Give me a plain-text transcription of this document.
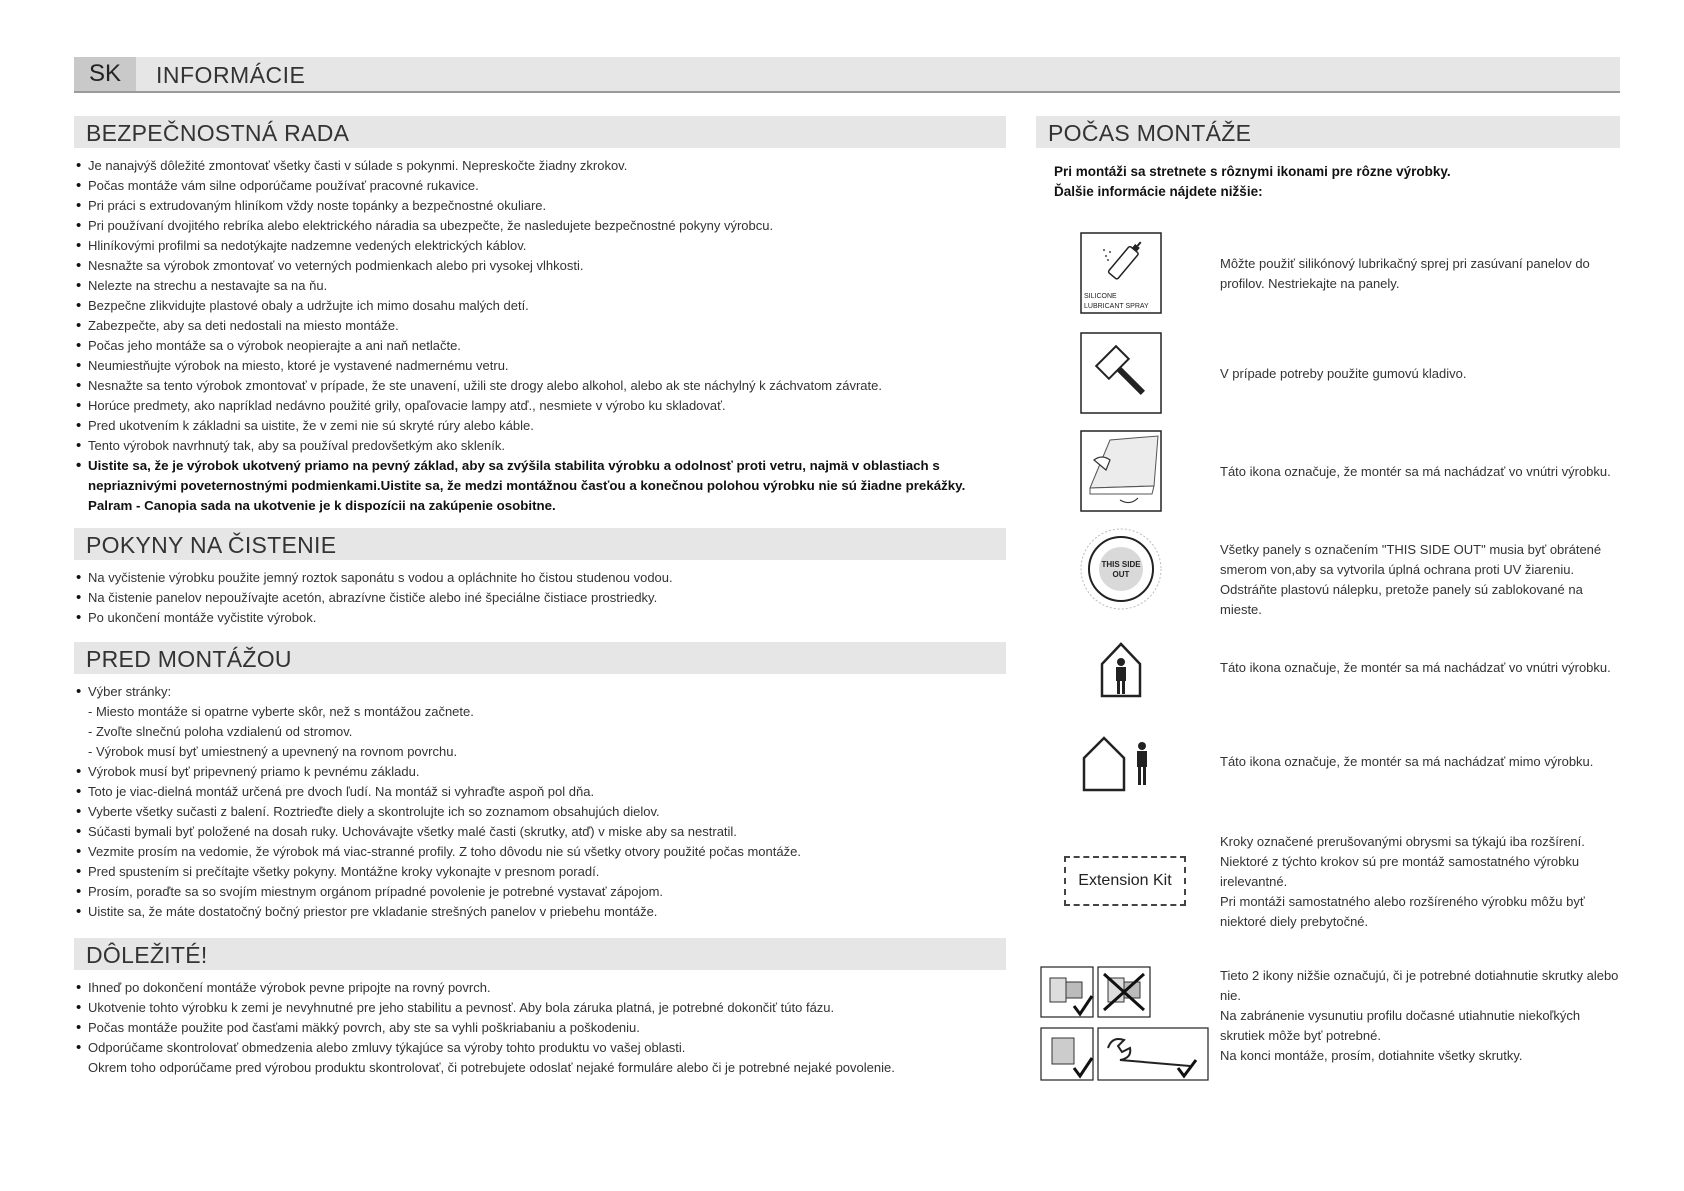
SK	INFORMÁCIE
BEZPEČNOSTNÁ RADA
• Je nanajvýš dôležité zmontovať všetky časti v súlade s pokynmi. Nepreskočte žiadny zkrokov.
• Počas montáže vám silne odporúčame používať pracovné rukavice.
• Pri práci s extrudovaným hliníkom vždy noste topánky a bezpečnostné okuliare.
• Pri používaní dvojitého rebríka alebo elektrického náradia sa ubezpečte, že nasledujete bezpečnostné pokyny výrobcu.
• Hliníkovými profilmi sa nedotýkajte nadzemne vedených elektrických káblov.
• Nesnažte sa výrobok zmontovať vo veterných podmienkach alebo pri vysokej vlhkosti.
• Nelezte na strechu a nestavajte sa na ňu.
• Bezpečne zlikvidujte plastové obaly a udržujte ich mimo dosahu malých detí.
• Zabezpečte, aby sa deti nedostali na miesto montáže.
• Počas jeho montáže sa o výrobok neopierajte a ani naň netlačte.
• Neumiestňujte výrobok na miesto, ktoré je vystavené nadmernému vetru.
• Nesnažte sa tento výrobok zmontovať v prípade, že ste unavení, užili ste drogy alebo alkohol, alebo ak ste náchylný k záchvatom závrate.
• Horúce predmety, ako napríklad nedávno použité grily, opaľovacie lampy atď., nesmiete v výrobo ku skladovať.
• Pred ukotvením k základni sa uistite, že v zemi nie sú skryté rúry alebo káble.
• Tento výrobok navrhnutý tak, aby sa používal predovšetkým ako skleník.
• Uistite sa, že je výrobok ukotvený priamo na pevný základ, aby sa zvýšila stabilita výrobku a odolnosť proti vetru, najmä v oblastiach s nepriaznivými poveternostnými podmienkami.Uistite sa, že medzi montážnou časťou a konečnou polohou výrobku nie sú žiadne prekážky. Palram - Canopia sada na ukotvenie je k dispozícii na zakúpenie osobitne.
POKYNY NA ČISTENIE
• Na vyčistenie výrobku použite jemný roztok saponátu s vodou a opláchnite ho čistou studenou vodou.
• Na čistenie panelov nepoužívajte acetón, abrazívne čističe alebo iné špeciálne čistiace prostriedky.
• Po ukončení montáže vyčistite výrobok.
PRED MONTÁŽOU
• Výber stránky:
- Miesto montáže si opatrne vyberte skôr, než s montážou začnete.
- Zvoľte slnečnú poloha vzdialenú od stromov.
- Výrobok musí byť umiestnený a upevnený na rovnom povrchu.
• Výrobok musí byť pripevnený priamo k pevnému základu.
• Toto je viac-dielná montáž určená pre dvoch ľudí. Na montáž si vyhraďte aspoň pol dňa.
• Vyberte všetky sučasti z balení. Roztrieďte diely a skontrolujte ich so zoznamom obsahujúch dielov.
• Súčasti bymali byť položené na dosah ruky. Uchovávajte všetky malé časti (skrutky, atď) v miske aby sa nestratil.
• Vezmite prosím na vedomie, že výrobok má viac-stranné profily. Z toho dôvodu nie sú všetky otvory použité počas montáže.
• Pred spustením si prečítajte všetky pokyny. Montážne kroky vykonajte v presnom poradí.
• Prosím, poraďte sa so svojím miestnym orgánom prípadné povolenie je potrebné vystavať zápojom.
• Uistite sa, že máte dostatočný bočný priestor pre vkladanie strešných panelov v priebehu montáže.
DÔLEŽITÉ!
• Ihneď po dokončení montáže výrobok pevne pripojte na rovný povrch.
• Ukotvenie tohto výrobku k zemi je nevyhnutné pre jeho stabilitu a pevnosť. Aby bola záruka platná, je potrebné dokončiť túto fázu.
• Počas montáže použite pod časťami mäkký povrch, aby ste sa vyhli poškriabaniu a poškodeniu.
• Odporúčame skontrolovať obmedzenia alebo zmluvy týkajúce sa výroby tohto produktu vo vašej oblasti.
Okrem toho odporúčame pred výrobou produktu skontrolovať, či potrebujete odoslať nejaké formuláre alebo či je potrebné nejaké povolenie.
POČAS MONTÁŽE
Pri montáži sa stretnete s rôznymi ikonami pre rôzne výrobky.
Ďalšie informácie nájdete nižšie:
SILICONE
LUBRICANT SPRAY
Môžte použiť silikónový lubrikačný sprej pri zasúvaní panelov do profilov. Nestriekajte na panely.
V prípade potreby použite gumovú kladivo.
Táto ikona označuje, že montér sa má nachádzať vo vnútri výrobku.
THIS SIDE
OUT

Všetky panely s označením "THIS SIDE OUT" musia byť obrátené smerom von,aby sa vytvorila úplná ochrana proti UV žiareniu.

Odstráňte plastovú nálepku, pretože panely sú zablokované na mieste.

Táto ikona označuje, že montér sa má nachádzať vo vnútri výrobku.
Táto ikona označuje, že montér sa má nachádzať mimo výrobku.
Extension Kit

Kroky označené prerušovanými obrysmi sa týkajú iba rozšírení.

Niektoré z týchto krokov sú pre montáž samostatného výrobku irelevantné.

Pri montáži samostatného alebo rozšíreného výrobku môžu byť niektoré diely prebytočné.

Tieto 2 ikony nižšie označujú, či je potrebné dotiahnutie skrutky alebo nie.

Na zabránenie vysunutiu profilu dočasné utiahnutie niekoľkých skrutiek môže byť potrebné.

Na konci montáže, prosím, dotiahnite všetky skrutky.
